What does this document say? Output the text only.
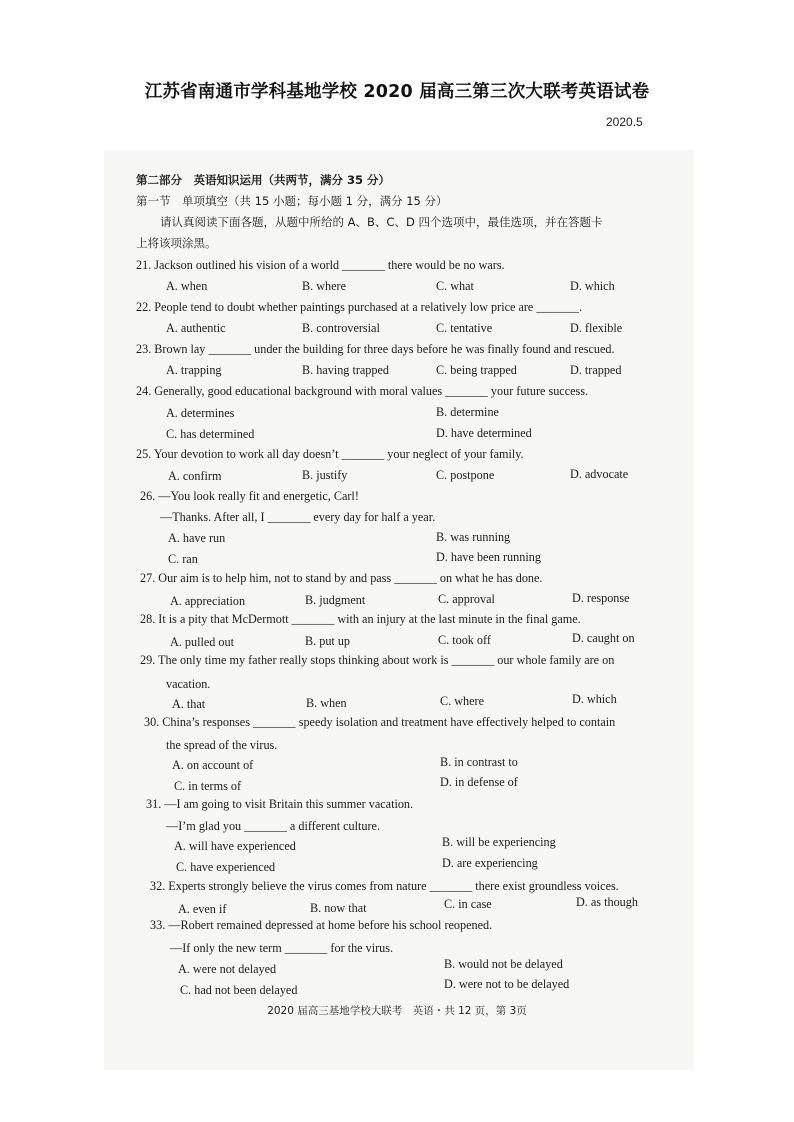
江苏省南通市学科基地学校 2020 届高三第三次大联考英语试卷
2020.5
第二部分　英语知识运用（共两节，满分 35 分）
第一节　单项填空（共 15 小题；每小题 1 分，满分 15 分）
请认真阅读下面各题，从题中所给的 A、B、C、D 四个选项中，最佳选项，并在答题卡
上将该项涂黑。
21. Jackson outlined his vision of a world _______ there would be no wars.
A. when	B. where	C. what	D. which
22. People tend to doubt whether paintings purchased at a relatively low price are _______.
A. authentic	B. controversial	C. tentative	D. flexible
23. Brown lay _______ under the building for three days before he was finally found and rescued.
A. trapping	B. having trapped	C. being trapped	D. trapped
24. Generally, good educational background with moral values _______ your future success.
A. determines	B. determine
C. has determined	D. have determined
25. Your devotion to work all day doesn’t _______ your neglect of your family.
A. confirm	B. justify	C. postpone	D. advocate
26. —You look really fit and energetic, Carl!
—Thanks. After all, I _______ every day for half a year.
A. have run	B. was running
C. ran	D. have been running
27. Our aim is to help him, not to stand by and pass _______ on what he has done.
A. appreciation	B. judgment	C. approval	D. response
28. It is a pity that McDermott _______ with an injury at the last minute in the final game.
A. pulled out	B. put up	C. took off	D. caught on
29. The only time my father really stops thinking about work is _______ our whole family are on
vacation.
A. that	B. when	C. where	D. which
30. China’s responses _______ speedy isolation and treatment have effectively helped to contain
the spread of the virus.
A. on account of	B. in contrast to
C. in terms of	D. in defense of
31. —I am going to visit Britain this summer vacation.
—I’m glad you _______ a different culture.
A. will have experienced	B. will be experiencing
C. have experienced	D. are experiencing
32. Experts strongly believe the virus comes from nature _______ there exist groundless voices.
A. even if	B. now that	C. in case	D. as though
33. —Robert remained depressed at home before his school reopened.
—If only the new term _______ for the virus.
A. were not delayed	B. would not be delayed
C. had not been delayed	D. were not to be delayed
2020 届高三基地学校大联考　英语・共 12 页，第 3页
